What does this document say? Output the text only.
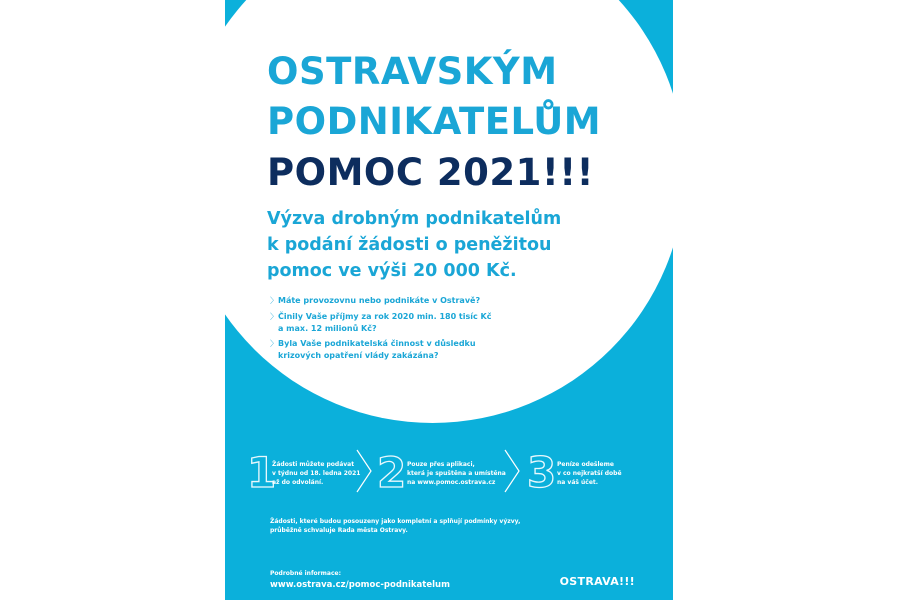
OSTRAVSKÝM
PODNIKATELŮM
POMOC 2021!!!
Výzva drobným podnikatelům
k podání žádosti o peněžitou
pomoc ve výši 20 000 Kč.
〉Máte provozovnu nebo podnikáte v Ostravě?
〉Činily Vaše příjmy za rok 2020 min. 180 tisíc Kč
a max. 12 milionů Kč?
〉Byla Vaše podnikatelská činnost v důsledku
krizových opatření vlády zakázána?
1
Žádosti můžete podávat
v týdnu od 18. ledna 2021
až do odvolání.	2 Pouze přes aplikaci,
která je spuštěna a umístěna
na www.pomoc.ostrava.cz 3 Peníze odešleme
v co nejkratší době
na váš účet.
Žádosti, které budou posouzeny jako kompletní a splňují podmínky výzvy,
průběžně schvaluje Rada města Ostravy.
Podrobné informace:
www.ostrava.cz/pomoc-podnikatelum	OSTRAVA!!!
